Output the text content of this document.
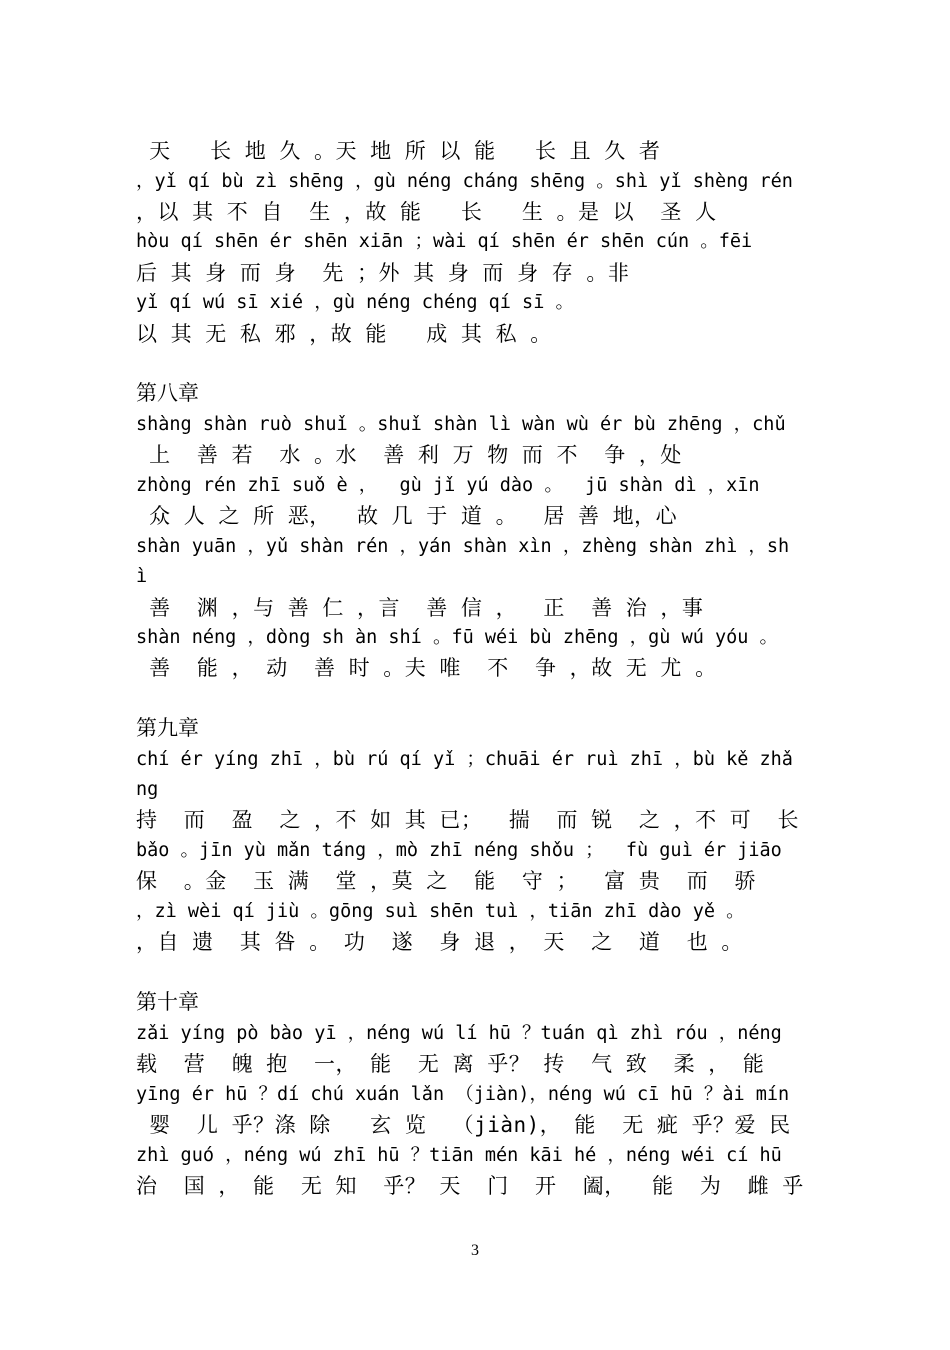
天   长 地 久 。天 地 所 以 能   长 且 久 者
，yǐ qí bù zì shēng ，gù néng cháng shēng 。shì yǐ shèng rén
，以 其 不 自  生 ，故 能   长   生 。是 以  圣 人
hòu qí shēn ér shēn xiān ；wài qí shēn ér shēn cún 。fēi
后 其 身 而 身  先 ；外 其 身 而 身 存 。非
yǐ qí wú sī xié ，gù néng chéng qí sī 。
以 其 无 私 邪 ，故 能   成 其 私 。
第八章
shàng shàn ruò shuǐ 。shuǐ shàn lì wàn wù ér bù zhēng ，chǔ
上  善 若  水 。水  善 利 万 物 而 不  争 ，处
zhòng rén zhī suǒ è ，  gù jǐ yú dào 。  jū shàn dì ，xīn
众 人 之 所 恶，  故 几 于 道 。  居 善 地，心
shàn yuān ，yǔ shàn rén ，yán shàn xìn ，zhèng shàn zhì ，sh
ì
善  渊 ，与 善 仁 ，言  善 信 ，  正  善 治 ，事
shàn néng ，dòng sh àn shí 。fū wéi bù zhēng ，gù wú yóu 。
善  能 ， 动  善 时 。夫 唯  不  争 ，故 无 尤 。
第九章
chí ér yíng zhī ，bù rú qí yǐ ；chuāi ér ruì zhī ，bù kě zhǎ
ng
持  而  盈  之 ，不 如 其 已；  揣  而 锐  之 ，不 可  长
bǎo 。jīn yù mǎn táng ，mò zhī néng shǒu ；  fù guì ér jiāo
保  。金  玉 满  堂 ，莫 之  能  守 ；  富 贵  而  骄
，zì wèi qí jiù 。gōng suì shēn tuì ，tiān zhī dào yě 。
，自 遗  其 咎 。 功  遂  身 退 ， 天  之  道  也 。
第十章
zǎi yíng pò bào yī ，néng wú lí hū ？tuán qì zhì róu ，néng
载  营  魄 抱  一， 能  无 离 乎？ 抟  气 致  柔 ， 能
yīng ér hū ？dí chú xuán lǎn （jiàn)，néng wú cī hū ？ài mín
婴  儿 乎？涤 除   玄 览  （jiàn)， 能  无 疵 乎？爱 民
zhì guó ，néng wú zhī hū ？tiān mén kāi hé ，néng wéi cí hū
治  国 ， 能  无 知  乎？ 天  门  开  阖，  能  为  雌 乎
3
